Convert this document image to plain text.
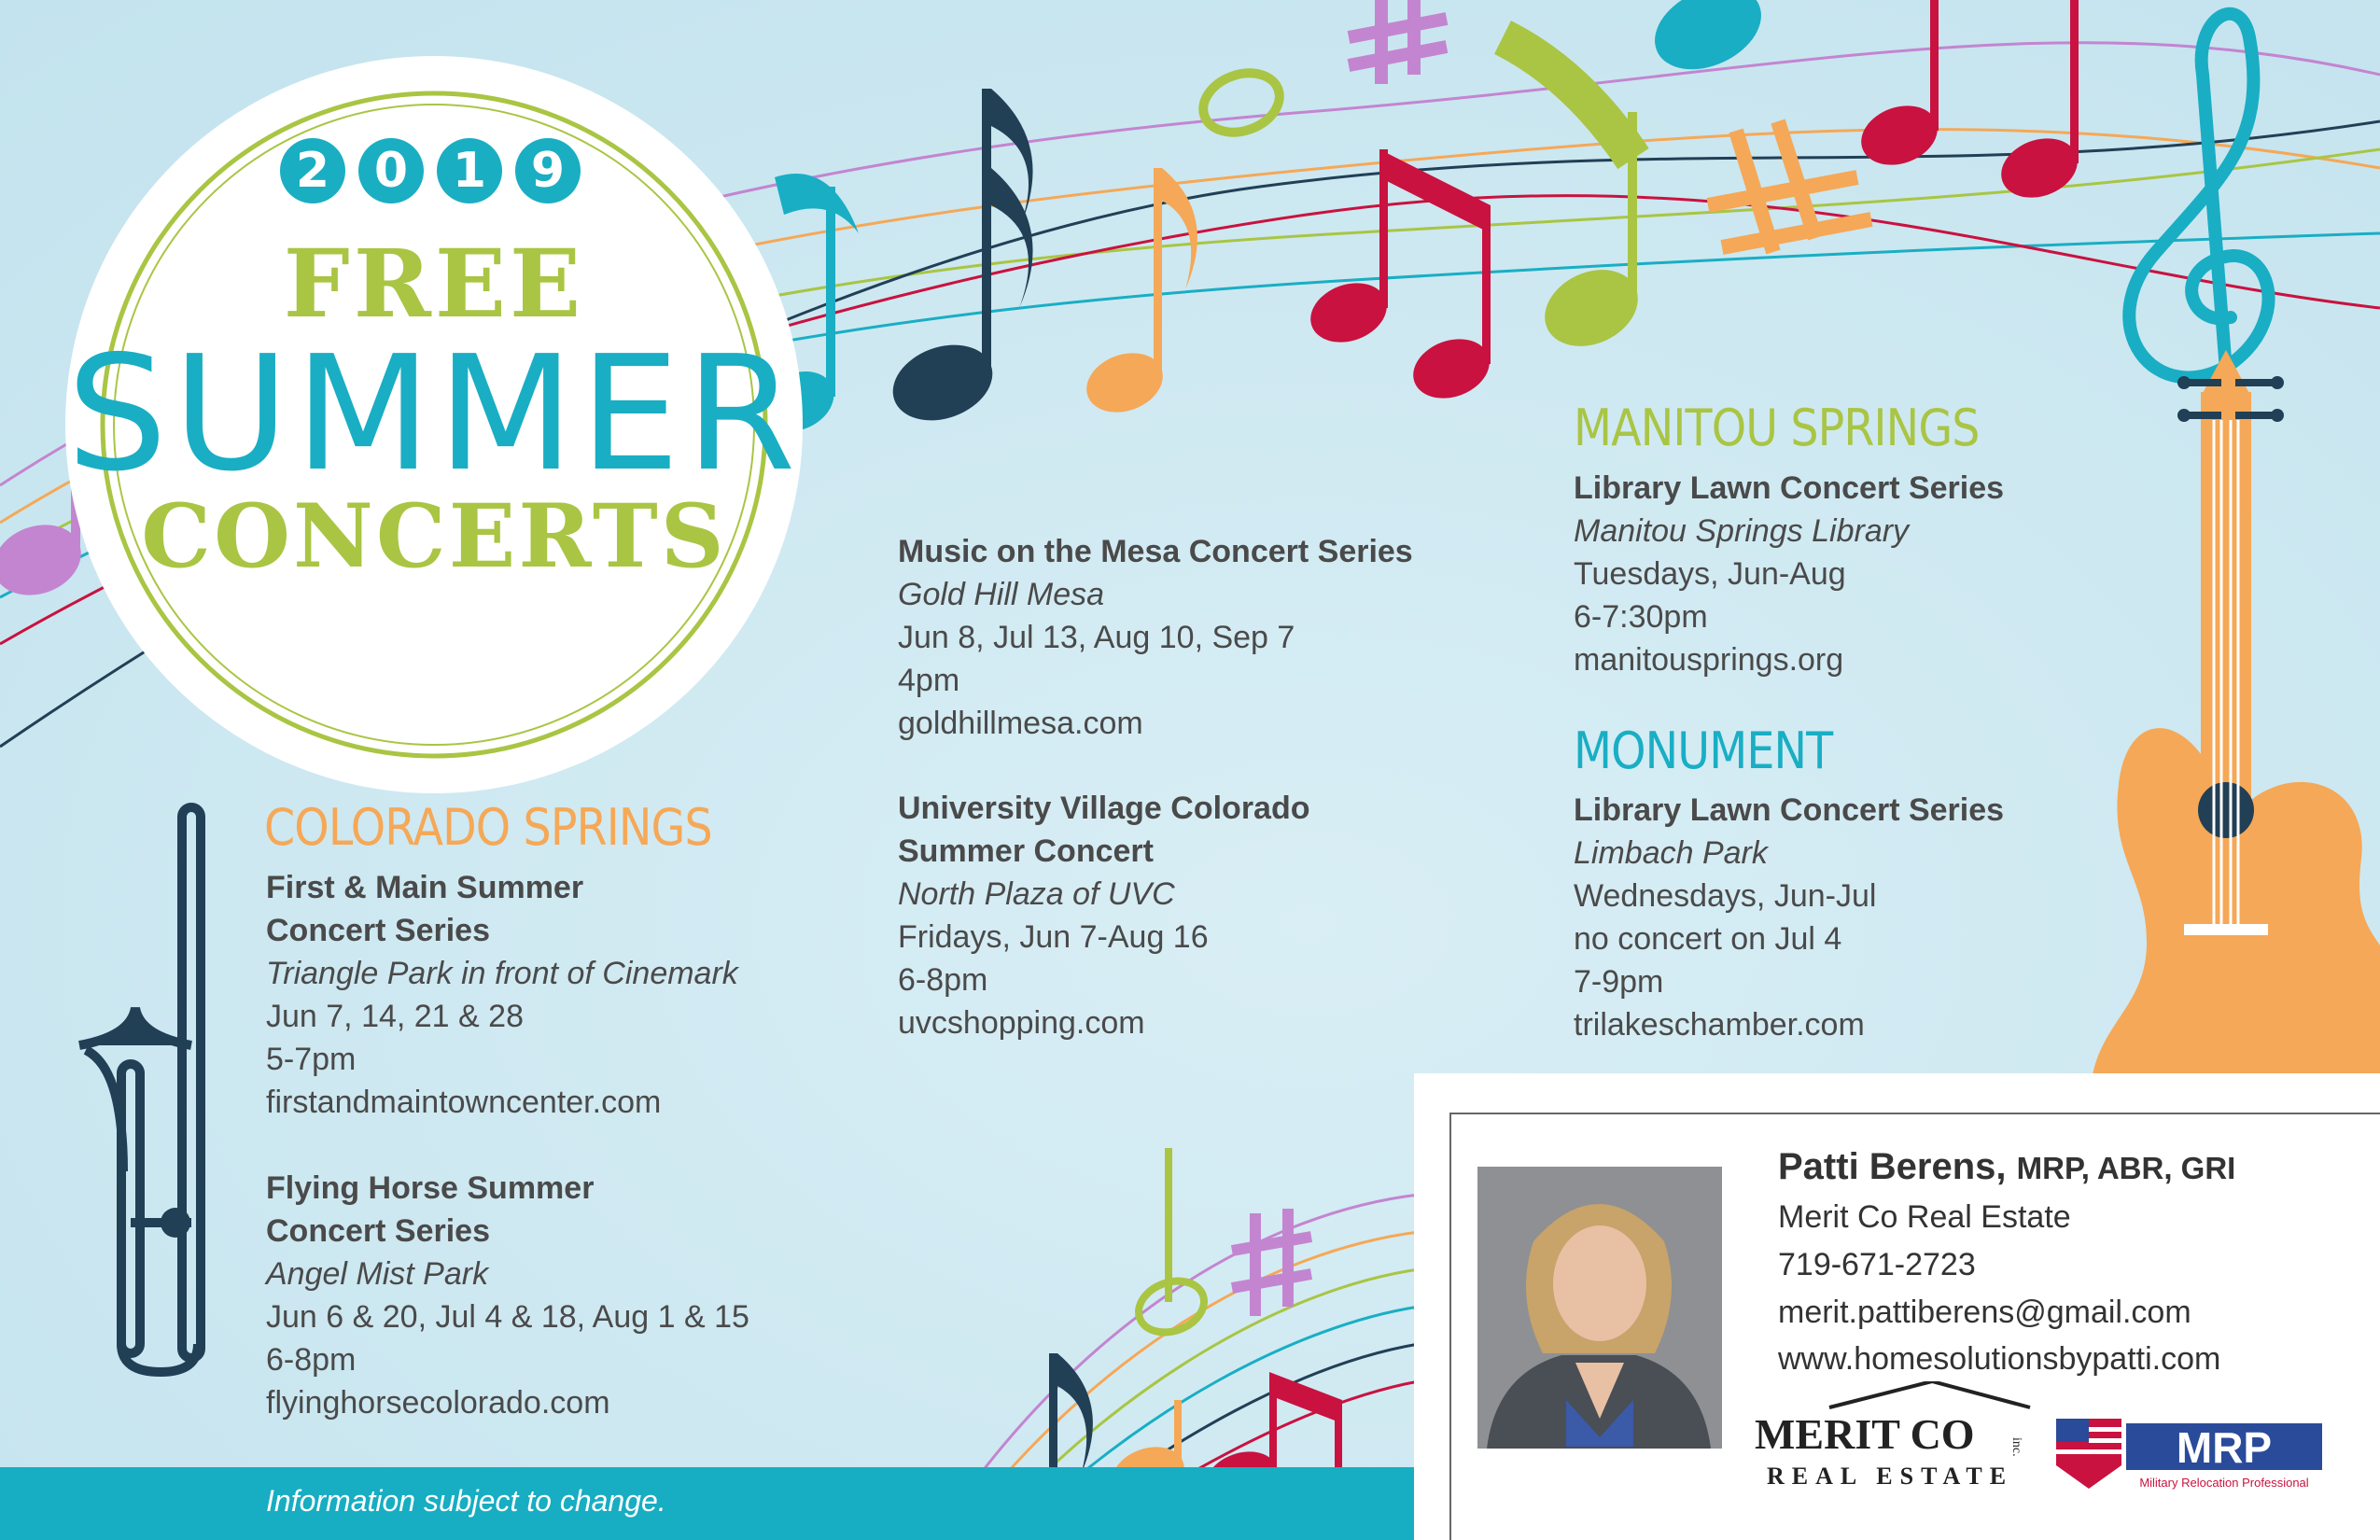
2 0 1 9
FREE
SUMMER
CONCERTS
COLORADO SPRINGS
First & Main Summer
Concert Series
Triangle Park in front of Cinemark
Jun 7, 14, 21 & 28
5-7pm
firstandmaintowncenter.com
Flying Horse Summer
Concert Series
Angel Mist Park
Jun 6 & 20, Jul 4 & 18, Aug 1 & 15
6-8pm
flyinghorsecolorado.com
Music on the Mesa Concert Series
Gold Hill Mesa
Jun 8, Jul 13, Aug 10, Sep 7
4pm
goldhillmesa.com
University Village Colorado
Summer Concert
North Plaza of UVC
Fridays, Jun 7-Aug 16
6-8pm
uvcshopping.com
MANITOU SPRINGS
Library Lawn Concert Series
Manitou Springs Library
Tuesdays, Jun-Aug
6-7:30pm
manitousprings.org
MONUMENT
Library Lawn Concert Series
Limbach Park
Wednesdays, Jun-Jul
no concert on Jul 4
7-9pm
trilakeschamber.com
Information subject to change.
Patti Berens, MRP, ABR, GRI
Merit Co Real Estate
719-671-2723
merit.pattiberens@gmail.com
www.homesolutionsbypatti.com
MERIT CO	inc.
REAL ESTATE
MRP
Military Relocation Professional
